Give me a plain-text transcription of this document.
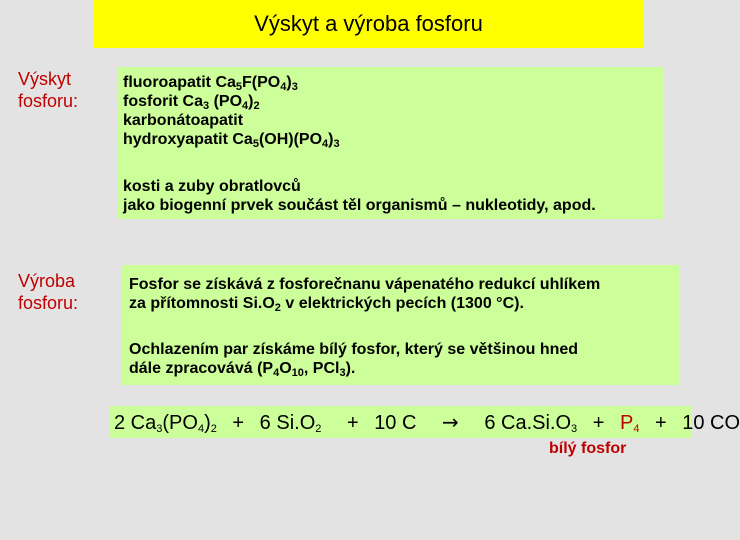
Výskyt a výroba fosforu
Výskyt
fosforu:
fluoroapatit $Ca_5F(PO_4)_3$
fosforit $Ca_3$ $(PO_4)_2$
karbonátoapatit
hydroxyapatit $Ca_5(OH)(PO_4)_3$
kosti a zuby obratlovců
jako biogenní prvek součást těl organismů – nukleotidy, apod.
Výroba
fosforu:
Fosfor se získává z fosforečnanu vápenatého redukcí uhlíkem
za přítomnosti $Si.O_2$ v elektrických pecích (1300 °C).
Ochlazením par získáme bílý fosfor, který se většinou hned
dále zpracovává ($P_4O_{10}$, PCl$_3$).
2 $Ca_3(PO_4)_2 + 6$ $Si.O_2 + 10$ C → 6 $Ca.Si.O_3 + P_4 + 10$ CO
bílý fosfor
